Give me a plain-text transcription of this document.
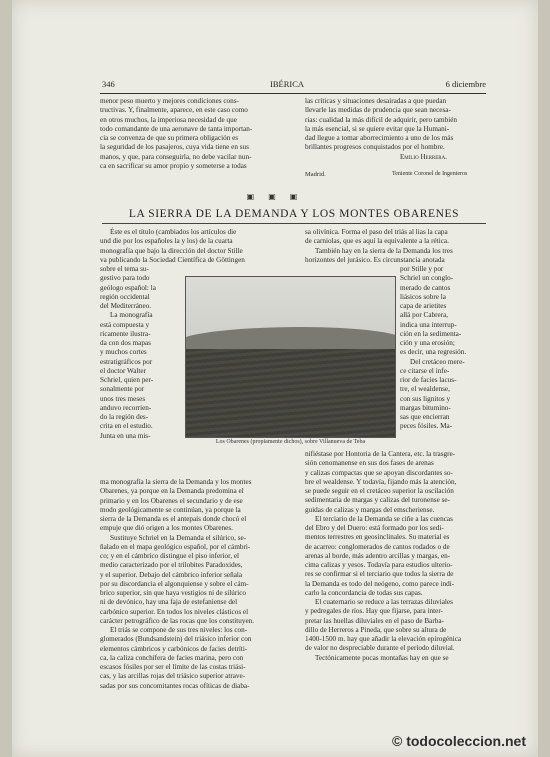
346	IBÉRICA	6 diciembre

menor peso muerto y mejores condiciones cons-

tructivas. Y, finalmente, aparece, en este caso como

en otros muchos, la imperiosa necesidad de que

todo comandante de una aeronave de tanta importan-

cia se convenza de que su primera obligación es

la seguridad de los pasajeros, cuya vida tiene en sus

manos, y que, para conseguirla, no debe vacilar nun-

ca en sacrificar su amor propio y someterse a todas

las críticas y situaciones desairadas a que puedan

llevarle las medidas de prudencia que sean necesa-

rias: cualidad la más difícil de adquirir, pero también

la más esencial, si se quiere evitar que la Humani-

dad llegue a tomar aborrecimiento a uno de los más

brillantes progresos conquistados por el hombre.

Emilio Herrera.
Madrid.	Teniente Coronel de Ingenieros
▣ ▣ ▣
LA SIERRA DE LA DEMANDA Y LOS MONTES OBARENES

Éste es el título (cambiados los artículos die

und die por los españoles la y los) de la cuarta

monografía que bajo la dirección del doctor Stille

va publicando la Sociedad Científica de Göttingen

sobre el tema su-

gestivo para todo

geólogo español: la

región occidental

del Mediterráneo.

La monografía

está compuesta y

ricamente ilustra-

da con dos mapas

y muchos cortes

estratigráficos por

el doctor Walter

Schriel, quien per-

sonalmente por

unos tres meses

anduvo recorrien-

do la región des-

crita en el estudio.

Junta en una mis-

ma monografía la sierra de la Demanda y los montes

Obarenes, ya porque en la Demanda predomina el

primario y en los Obarenes el secundario y de ese

modo geológicamente se continúan, ya porque la

sierra de la Demanda es el antepaís donde chocó el

empuje que dió origen a los montes Obarenes.

Sustituye Schriel en la Demanda el silúrico, se-

ñalado en el mapa geológico español, por el cámbri-

co; y en el cámbrico distingue el piso inferior, el

medio caracterizado por el trilobites Paradoxides,

y el superior. Debajo del cámbrico inferior señala

por su discordancia el algonquiense y sobre el cám-

brico superior, sin que haya vestigios ni de silúrico

ni de devónico, hay una faja de estefaniense del

carbónico superior. En todos los niveles clásticos el

carácter petrográfico de las rocas que los constituyen.

El triás se compone de sus tres niveles: los con-

glomerados (Bundsandstein) del triásico inferior con

elementos cámbricos y carbónicos de facies detríti-

ca, la caliza conchífera de facies marina, pero con

escasos fósiles por ser el límite de las costas triási-

cas, y las arcillas rojas del triásico superior atrave-

sadas por sus concomitantes rocas ofíticas de diaba-

Los Obarenes (propiamente dichos), sobre Villanueva de Teba

sa olivínica. Forma el paso del triás al lias la capa

de carniolas, que es aquí la equivalente a la rética.

También hay en la sierra de la Demanda los tres

horizontes del jurásico. Es circunstancia anotada

por Stille y por

Schriel un conglo-

merado de cantos

liásicos sobre la

capa de arietites

allá por Cabrera,

indica una interrup-

ción en la sedimenta-

ción y una erosión;

es decir, una regresión.

Del cretáceo mere-

ce citarse el infe-

rior de facies lacus-

tre, el wealdense,

con sus lignitos y

margas bitumino-

sas que encierran

peces fósiles. Ma-

nifiéstase por Hontoria de la Cantera, etc. la trasgre-

sión cenomanense en sus dos fases de arenas

y calizas compactas que se apoyan discordantes so-

bre el wealdense. Y todavía, fijando más la atención,

se puede seguir en el cretáceo superior la oscilación

sedimentaria de margas y calizas del turonense se-

guidas de calizas y margas del emscheriense.

El terciario de la Demanda se ciñe a las cuencas

del Ebro y del Duero: está formado por los sedi-

mentos terrestres en geosinclinales. Su material es

de acarreo: conglomerados de cantos rodados o de

arenas al borde, más adentro arcillas y margas, en-

cima calizas y yesos. Todavía para estudios ulterio-

res se confirmar si el terciario que todos la sierra de

la Demanda es todo del neógeno, como parece indi-

carlo la concordancia de todas sus capas.

El cuaternario se reduce a las terrazas diluviales

y pedregales de ríos. Hay que fijarse, para inter-

pretar las huellas diluviales en el paso de Barba-

dillo de Herreros a Pineda, que sobre su altura de

1400-1500 m. hay que añadir la elevación epirogénica

de valor no despreciable durante el período diluvial.

Tectónicamente pocas montañas hay en que se

© todocoleccion.net
